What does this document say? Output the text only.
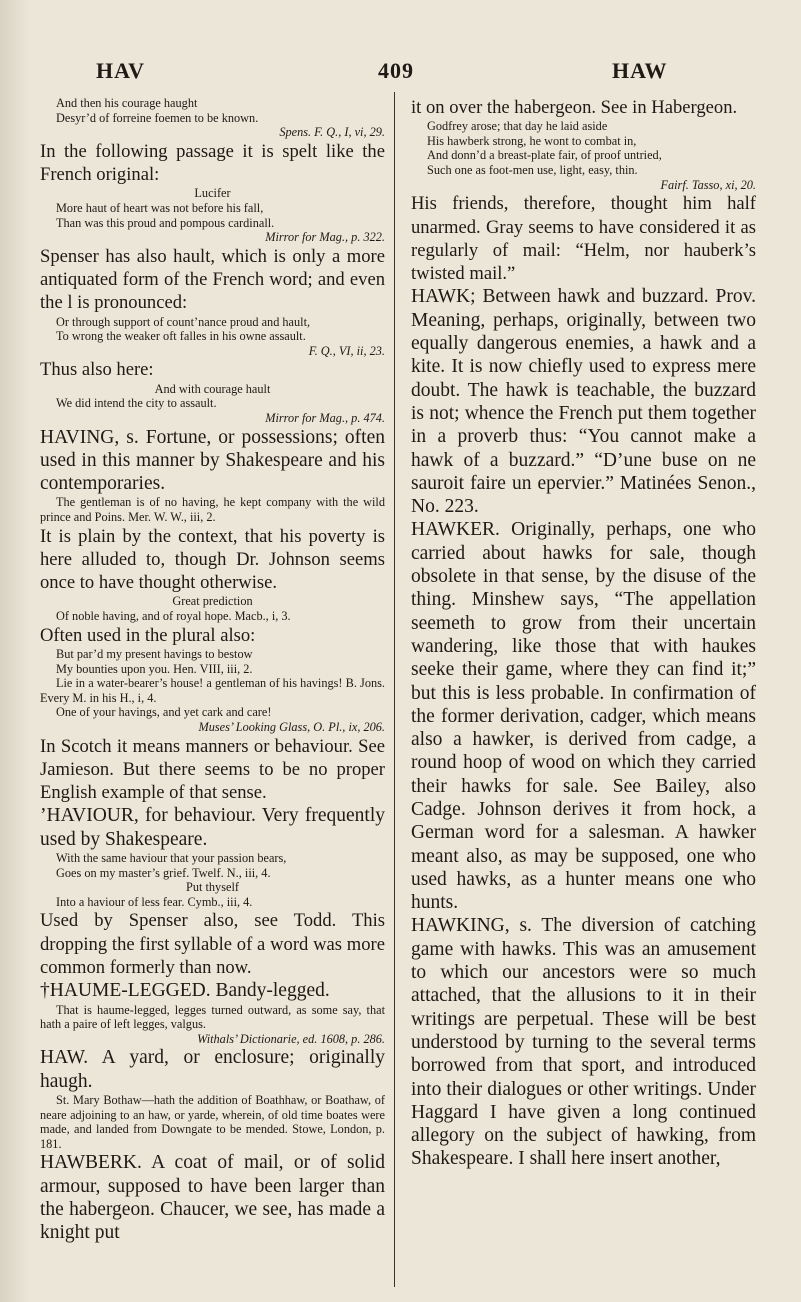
HAV	409	HAW

And then his courage haught

Desyr’d of forreine foemen to be known.

Spens. F. Q., I, vi, 29.

In the following passage it is spelt like the French original:

Lucifer

More haut of heart was not before his fall,

Than was this proud and pompous cardinall.

Mirror for Mag., p. 322.

Spenser has also hault, which is only a more antiquated form of the French word; and even the l is pronounced:

Or through support of count’nance proud and hault,

To wrong the weaker oft falles in his owne assault.

F. Q., VI, ii, 23.

Thus also here:

And with courage hault

We did intend the city to assault.

Mirror for Mag., p. 474.

HAVING, s. Fortune, or possessions; often used in this manner by Shakespeare and his contemporaries.

The gentleman is of no having, he kept company with the wild prince and Poins. Mer. W. W., iii, 2.

It is plain by the context, that his poverty is here alluded to, though Dr. Johnson seems once to have thought otherwise.

Great prediction

Of noble having, and of royal hope. Macb., i, 3.

Often used in the plural also:

But par’d my present havings to bestow

My bounties upon you. Hen. VIII, iii, 2.

Lie in a water-bearer’s house! a gentleman of his havings! B. Jons. Every M. in his H., i, 4.

One of your havings, and yet cark and care!

Muses’ Looking Glass, O. Pl., ix, 206.

In Scotch it means manners or behaviour. See Jamieson. But there seems to be no proper English example of that sense.

’HAVIOUR, for behaviour. Very frequently used by Shakespeare.

With the same haviour that your passion bears,

Goes on my master’s grief. Twelf. N., iii, 4.

Put thyself

Into a haviour of less fear. Cymb., iii, 4.

Used by Spenser also, see Todd. This dropping the first syllable of a word was more common formerly than now.

†HAUME-LEGGED. Bandy-legged.

That is haume-legged, legges turned outward, as some say, that hath a paire of left legges, valgus.

Withals’ Dictionarie, ed. 1608, p. 286.

HAW. A yard, or enclosure; originally haugh.

St. Mary Bothaw—hath the addition of Boathhaw, or Boathaw, of neare adjoining to an haw, or yarde, wherein, of old time boates were made, and landed from Downgate to be mended. Stowe, London, p. 181.

HAWBERK. A coat of mail, or of solid armour, supposed to have been larger than the habergeon. Chaucer, we see, has made a knight put

it on over the habergeon. See in Habergeon.

Godfrey arose; that day he laid aside

His hawberk strong, he wont to combat in,

And donn’d a breast-plate fair, of proof untried,

Such one as foot-men use, light, easy, thin.

Fairf. Tasso, xi, 20.

His friends, therefore, thought him half unarmed. Gray seems to have considered it as regularly of mail: “Helm, nor hauberk’s twisted mail.”

HAWK; Between hawk and buzzard. Prov. Meaning, perhaps, originally, between two equally dangerous enemies, a hawk and a kite. It is now chiefly used to express mere doubt. The hawk is teachable, the buzzard is not; whence the French put them together in a proverb thus: “You cannot make a hawk of a buzzard.” “D’une buse on ne sauroit faire un epervier.” Matinées Senon., No. 223.

HAWKER. Originally, perhaps, one who carried about hawks for sale, though obsolete in that sense, by the disuse of the thing. Minshew says, “The appellation seemeth to grow from their uncertain wandering, like those that with haukes seeke their game, where they can find it;” but this is less probable. In confirmation of the former derivation, cadger, which means also a hawker, is derived from cadge, a round hoop of wood on which they carried their hawks for sale. See Bailey, also Cadge. Johnson derives it from hock, a German word for a salesman. A hawker meant also, as may be supposed, one who used hawks, as a hunter means one who hunts.

HAWKING, s. The diversion of catching game with hawks. This was an amusement to which our ancestors were so much attached, that the allusions to it in their writings are perpetual. These will be best understood by turning to the several terms borrowed from that sport, and introduced into their dialogues or other writings. Under Haggard I have given a long continued allegory on the subject of hawking, from Shakespeare. I shall here insert another,
